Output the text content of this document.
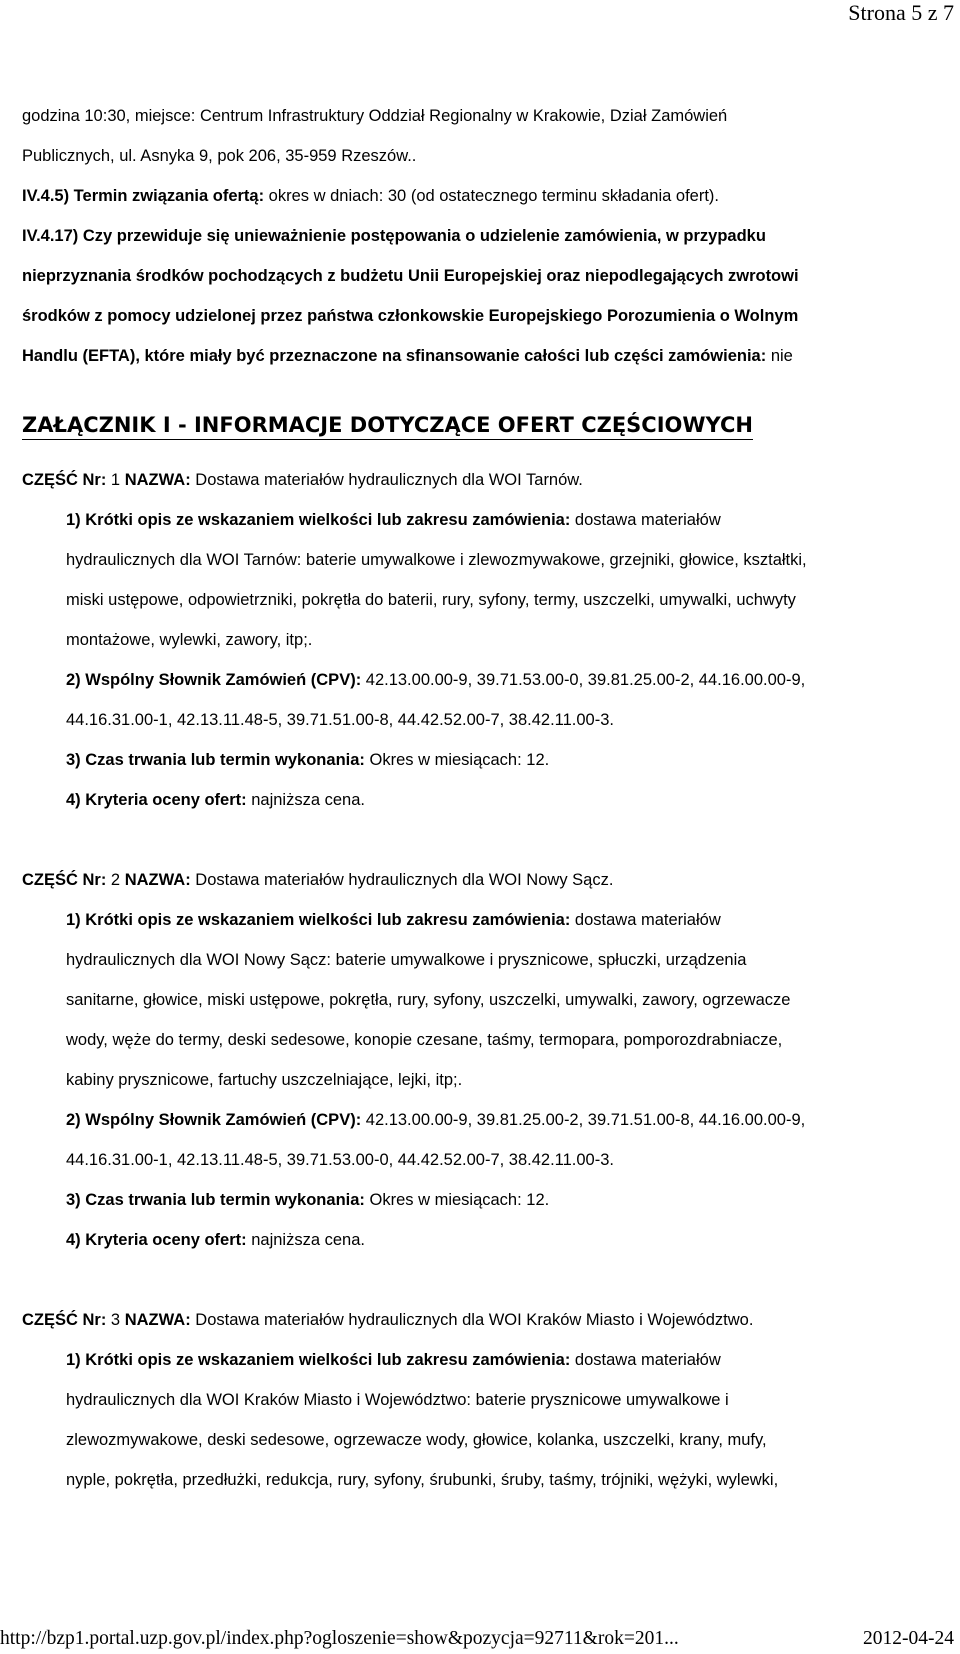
Strona 5 z 7

godzina 10:30, miejsce: Centrum Infrastruktury Oddział Regionalny w Krakowie, Dział Zamówień

Publicznych, ul. Asnyka 9, pok 206, 35-959 Rzeszów..

IV.4.5) Termin związania ofertą: okres w dniach: 30 (od ostatecznego terminu składania ofert).

IV.4.17) Czy przewiduje się unieważnienie postępowania o udzielenie zamówienia, w przypadku

nieprzyznania środków pochodzących z budżetu Unii Europejskiej oraz niepodlegających zwrotowi

środków z pomocy udzielonej przez państwa członkowskie Europejskiego Porozumienia o Wolnym

Handlu (EFTA), które miały być przeznaczone na sfinansowanie całości lub części zamówienia: nie

ZAŁĄCZNIK I - INFORMACJE DOTYCZĄCE OFERT CZĘŚCIOWYCH

CZĘŚĆ Nr: 1 NAZWA: Dostawa materiałów hydraulicznych dla WOI Tarnów.

1) Krótki opis ze wskazaniem wielkości lub zakresu zamówienia: dostawa materiałów

hydraulicznych dla WOI Tarnów: baterie umywalkowe i zlewozmywakowe, grzejniki, głowice, kształtki,

miski ustępowe, odpowietrzniki, pokrętła do baterii, rury, syfony, termy, uszczelki, umywalki, uchwyty

montażowe, wylewki, zawory, itp;.

2) Wspólny Słownik Zamówień (CPV): 42.13.00.00-9, 39.71.53.00-0, 39.81.25.00-2, 44.16.00.00-9,

44.16.31.00-1, 42.13.11.48-5, 39.71.51.00-8, 44.42.52.00-7, 38.42.11.00-3.

3) Czas trwania lub termin wykonania: Okres w miesiącach: 12.

4) Kryteria oceny ofert: najniższa cena.

CZĘŚĆ Nr: 2 NAZWA: Dostawa materiałów hydraulicznych dla WOI Nowy Sącz.

1) Krótki opis ze wskazaniem wielkości lub zakresu zamówienia: dostawa materiałów

hydraulicznych dla WOI Nowy Sącz: baterie umywalkowe i prysznicowe, spłuczki, urządzenia

sanitarne, głowice, miski ustępowe, pokrętła, rury, syfony, uszczelki, umywalki, zawory, ogrzewacze

wody, węże do termy, deski sedesowe, konopie czesane, taśmy, termopara, pomporozdrabniacze,

kabiny prysznicowe, fartuchy uszczelniające, lejki, itp;.

2) Wspólny Słownik Zamówień (CPV): 42.13.00.00-9, 39.81.25.00-2, 39.71.51.00-8, 44.16.00.00-9,

44.16.31.00-1, 42.13.11.48-5, 39.71.53.00-0, 44.42.52.00-7, 38.42.11.00-3.

3) Czas trwania lub termin wykonania: Okres w miesiącach: 12.

4) Kryteria oceny ofert: najniższa cena.

CZĘŚĆ Nr: 3 NAZWA: Dostawa materiałów hydraulicznych dla WOI Kraków Miasto i Województwo.

1) Krótki opis ze wskazaniem wielkości lub zakresu zamówienia: dostawa materiałów

hydraulicznych dla WOI Kraków Miasto i Województwo: baterie prysznicowe umywalkowe i

zlewozmywakowe, deski sedesowe, ogrzewacze wody, głowice, kolanka, uszczelki, krany, mufy,

nyple, pokrętła, przedłużki, redukcja, rury, syfony, śrubunki, śruby, taśmy, trójniki, wężyki, wylewki,

http://bzp1.portal.uzp.gov.pl/index.php?ogloszenie=show&pozycja=92711&rok=201...	2012-04-24
